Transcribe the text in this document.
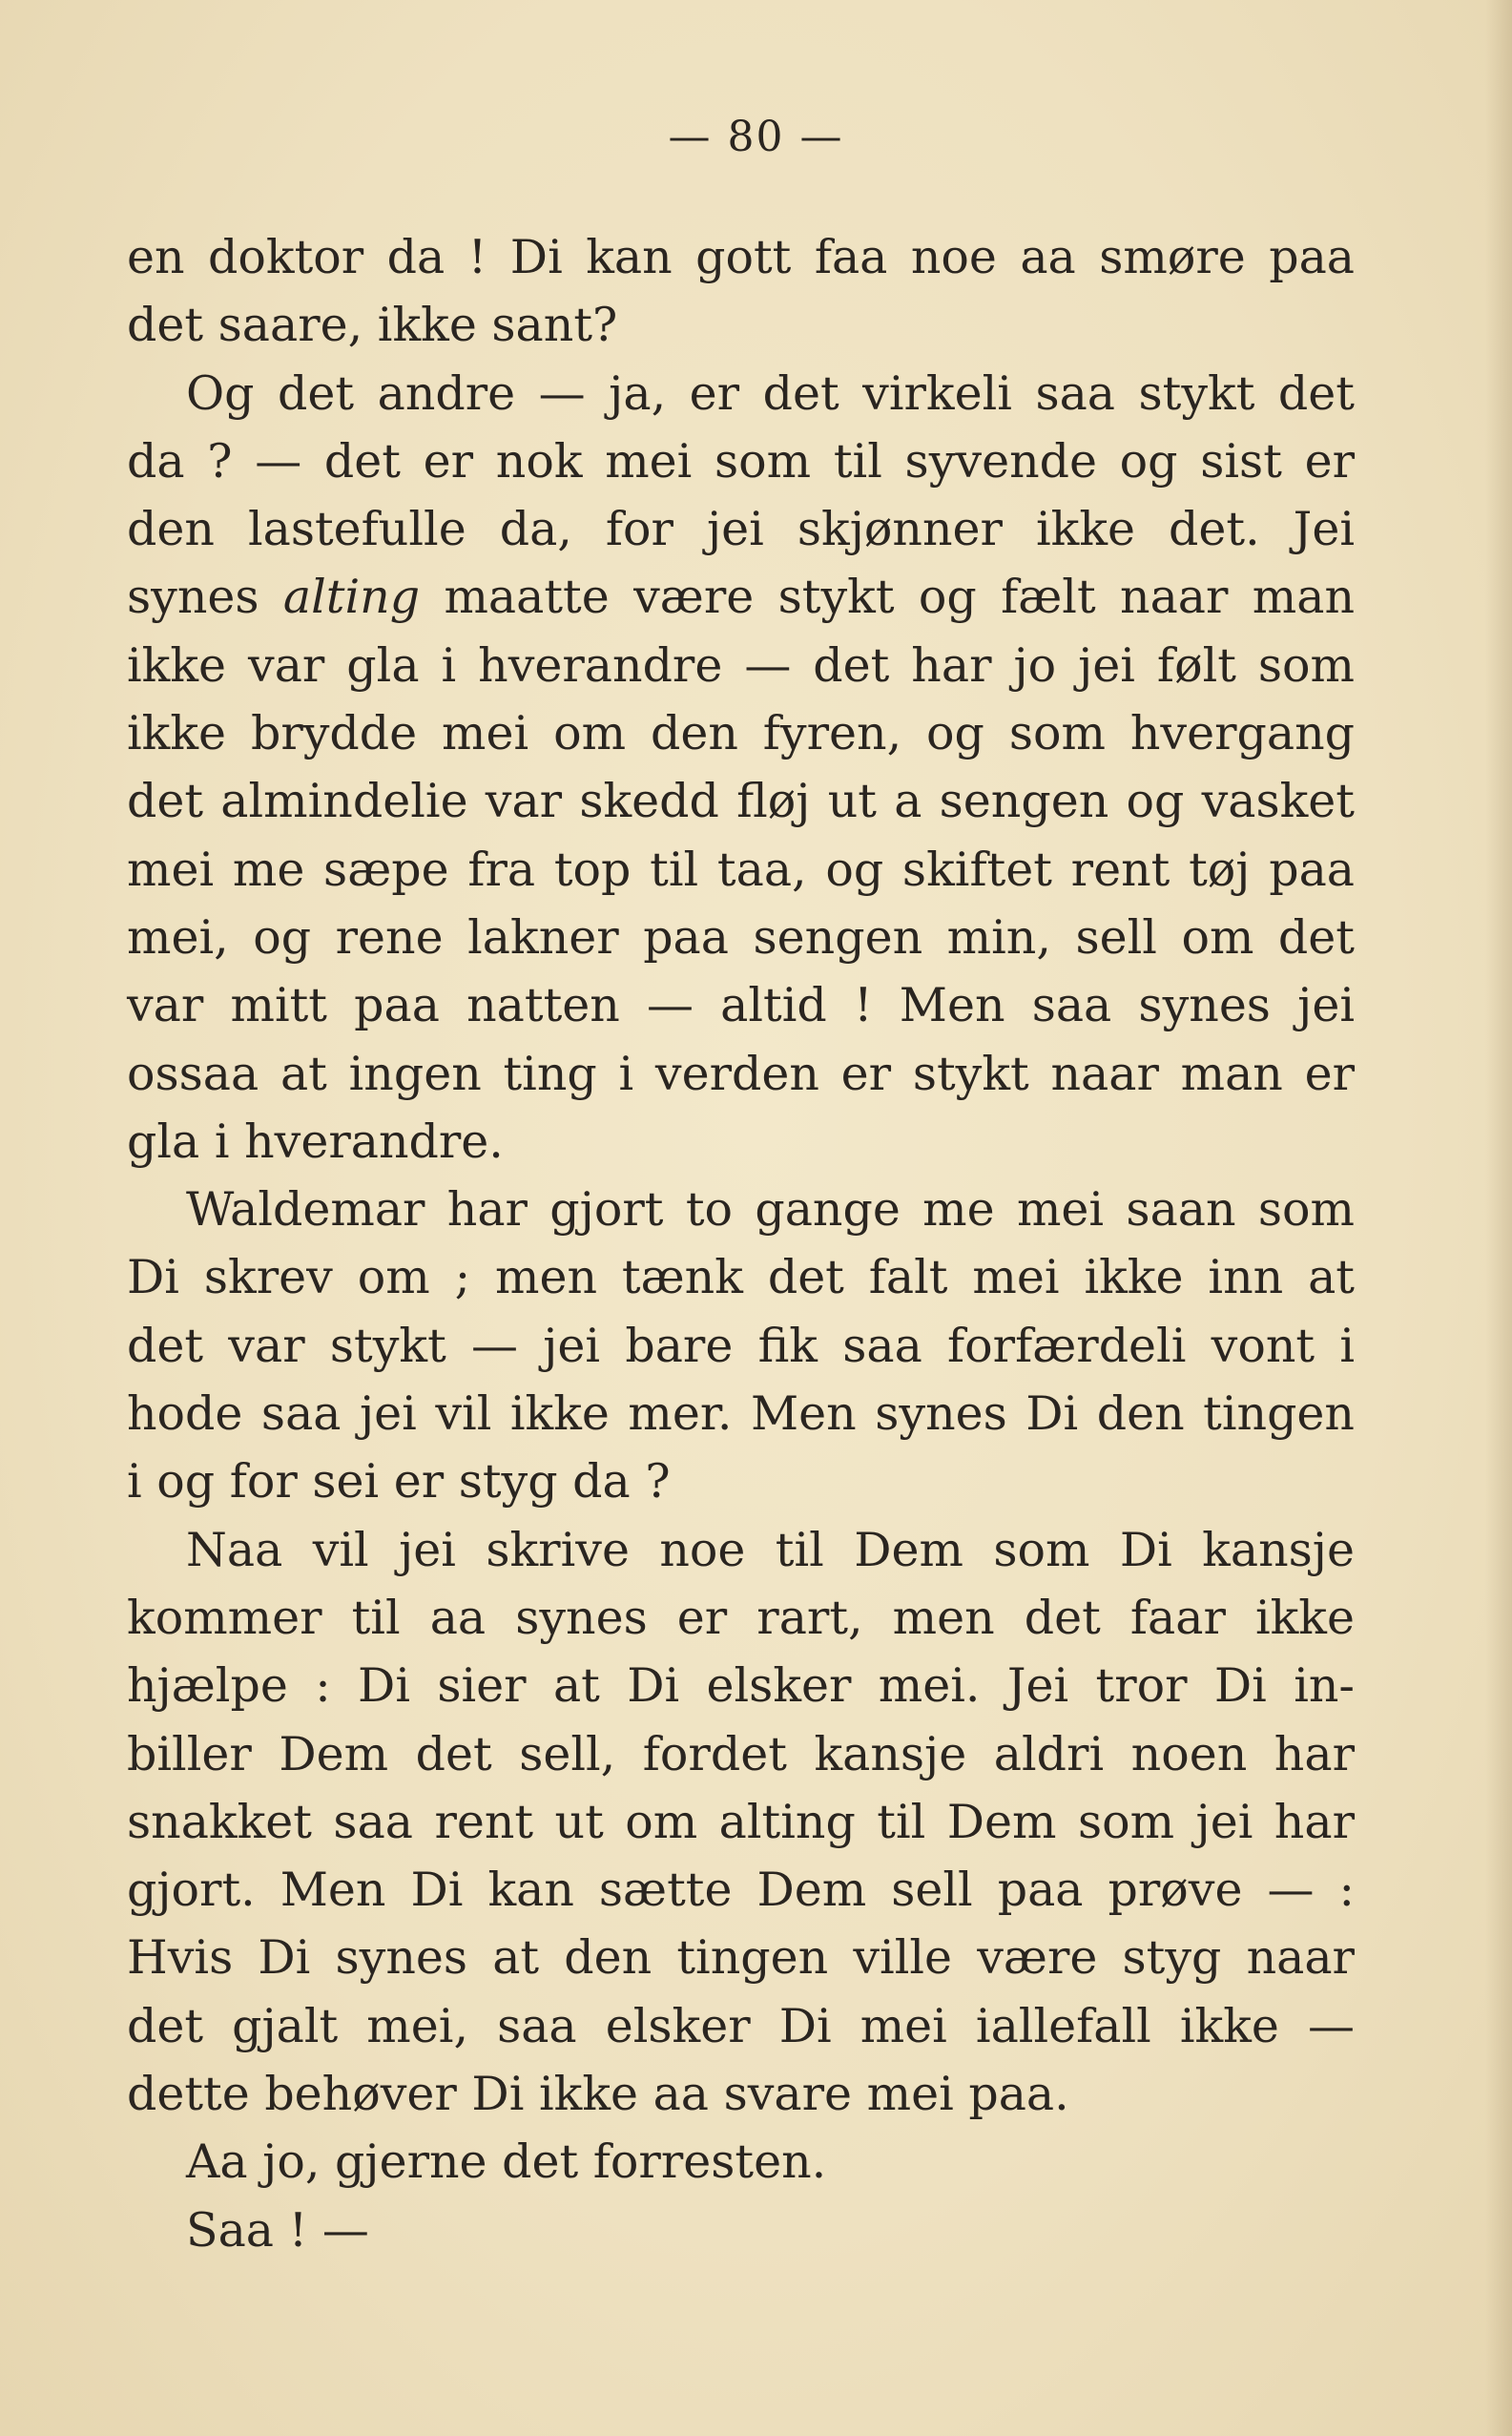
— 80 —
en doktor da ! Di kan gott faa noe aa smøre paa
det saare, ikke sant?
Og det andre — ja, er det virkeli saa stykt det
da ? — det er nok mei som til syvende og sist er
den lastefulle da, for jei skjønner ikke det. Jei
synes alting maatte være stykt og fælt naar man
ikke var gla i hverandre — det har jo jei følt som
ikke brydde mei om den fyren, og som hvergang
det almindelie var skedd fløj ut a sengen og vasket
mei me sæpe fra top til taa, og skiftet rent tøj paa
mei, og rene lakner paa sengen min, sell om det
var mitt paa natten — altid ! Men saa synes jei
ossaa at ingen ting i verden er stykt naar man er
gla i hverandre.
Waldemar har gjort to gange me mei saan som
Di skrev om ; men tænk det falt mei ikke inn at
det var stykt — jei bare fik saa forfærdeli vont i
hode saa jei vil ikke mer. Men synes Di den tingen
i og for sei er styg da ?
Naa vil jei skrive noe til Dem som Di kansje
kommer til aa synes er rart, men det faar ikke
hjælpe : Di sier at Di elsker mei. Jei tror Di in-
biller Dem det sell, fordet kansje aldri noen har
snakket saa rent ut om alting til Dem som jei har
gjort. Men Di kan sætte Dem sell paa prøve — :
Hvis Di synes at den tingen ville være styg naar
det gjalt mei, saa elsker Di mei iallefall ikke —
dette behøver Di ikke aa svare mei paa.
Aa jo, gjerne det forresten.
Saa ! —
